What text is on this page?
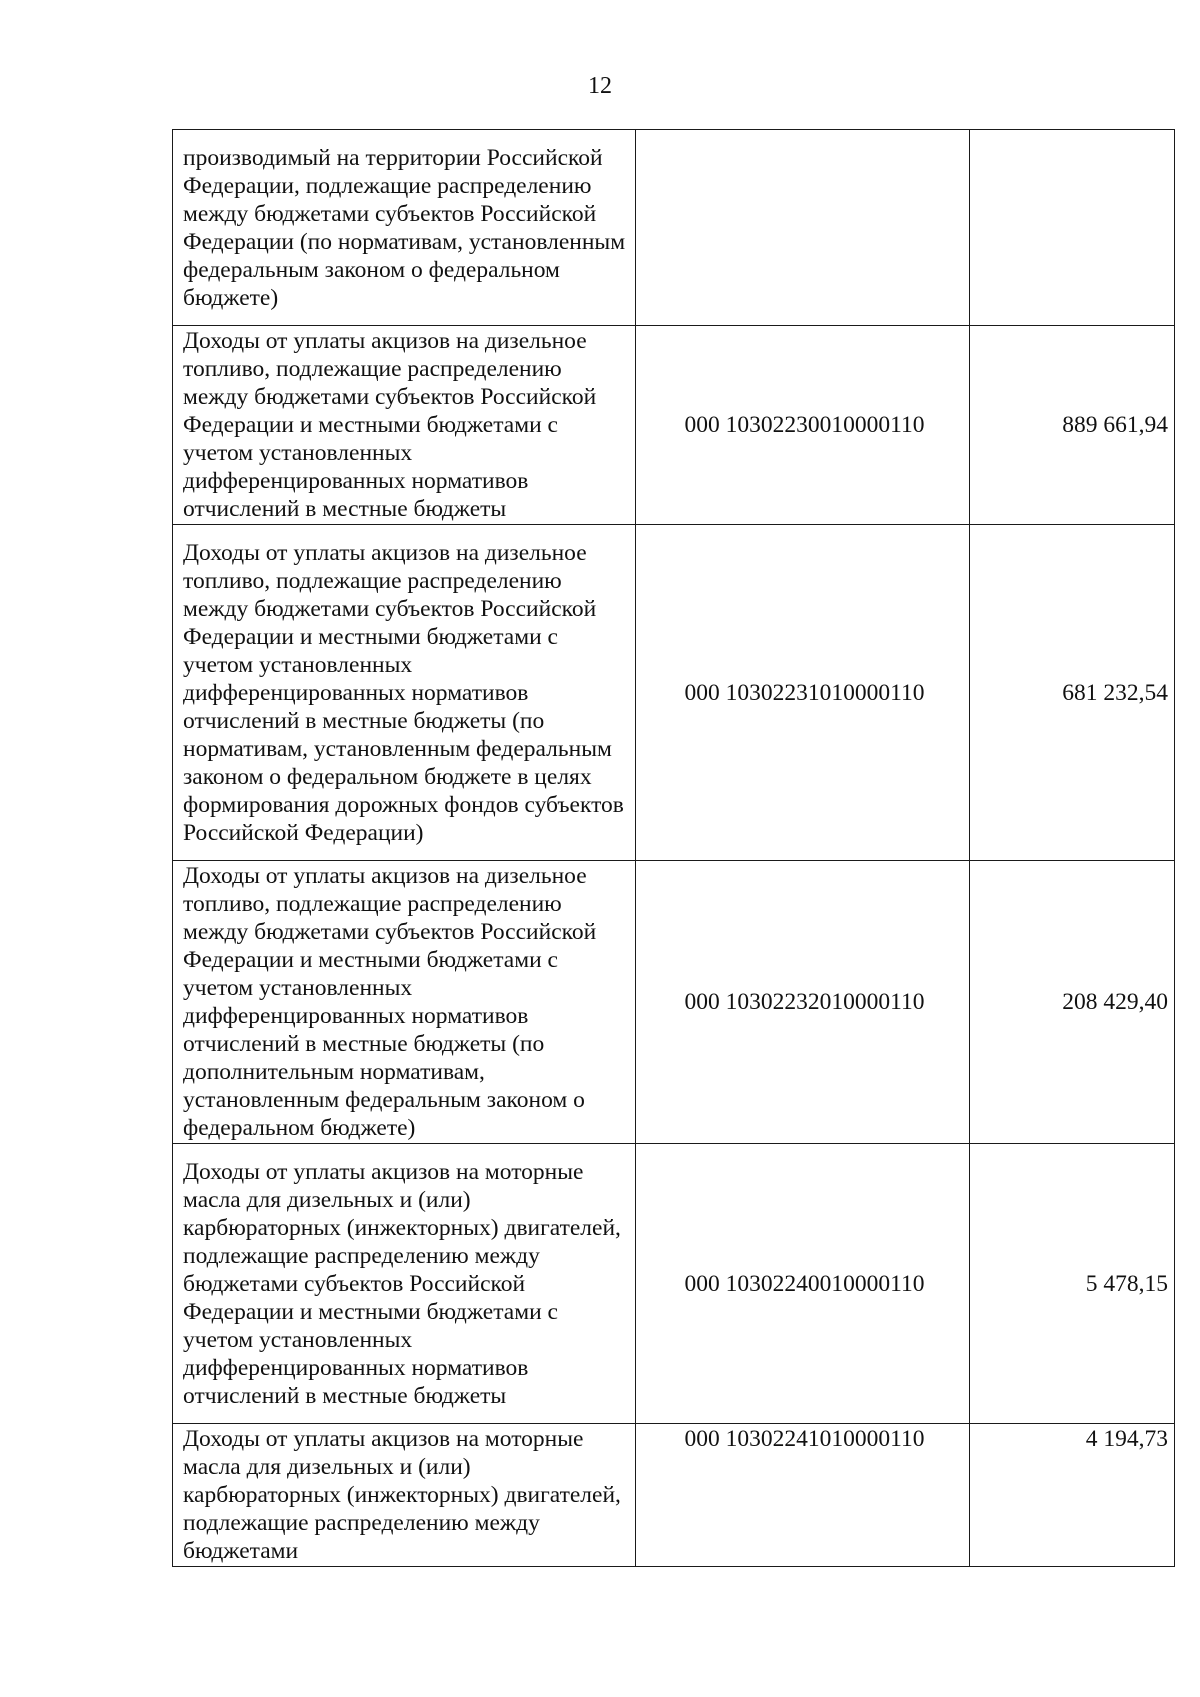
12
производимый на территории Российской Федерации, подлежащие распределению между бюджетами субъектов Российской Федерации (по нормативам, установленным федеральным законом о федеральном бюджете)		

Доходы от уплаты акцизов на дизельное топливо, подлежащие распределению между бюджетами субъектов Российской Федерации и местными бюджетами с учетом установленных дифференцированных нормативов отчислений в местные бюджеты	000 10302230010000110	889 661,94

Доходы от уплаты акцизов на дизельное топливо, подлежащие распределению между бюджетами субъектов Российской Федерации и местными бюджетами с учетом установленных дифференцированных нормативов отчислений в местные бюджеты (по нормативам, установленным федеральным законом о федеральном бюджете в целях формирования дорожных фондов субъектов Российской Федерации)	000 10302231010000110	681 232,54

Доходы от уплаты акцизов на дизельное топливо, подлежащие распределению между бюджетами субъектов Российской Федерации и местными бюджетами с учетом установленных дифференцированных нормативов отчислений в местные бюджеты (по дополнительным нормативам, установленным федеральным законом о федеральном бюджете)	000 10302232010000110	208 429,40

Доходы от уплаты акцизов на моторные масла для дизельных и (или) карбюраторных (инжекторных) двигателей, подлежащие распределению между бюджетами субъектов Российской Федерации и местными бюджетами с учетом установленных дифференцированных нормативов отчислений в местные бюджеты	000 10302240010000110	5 478,15

Доходы от уплаты акцизов на моторные масла для дизельных и (или) карбюраторных (инжекторных) двигателей, подлежащие распределению между бюджетами	000 10302241010000110	4 194,73
